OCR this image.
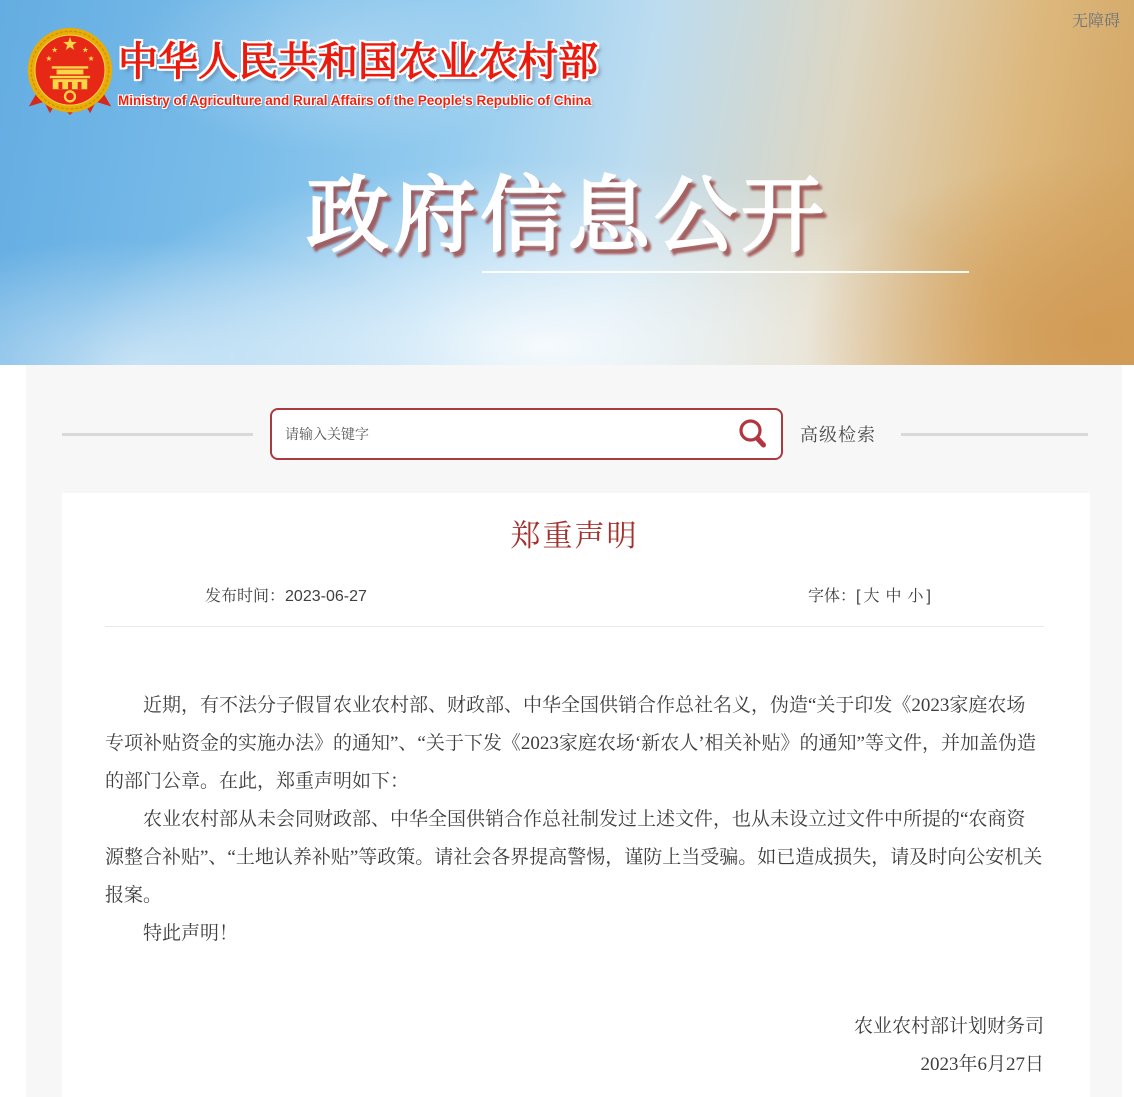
无障碍
中华人民共和国农业农村部
Ministry of Agriculture and Rural Affairs of the People's Republic of China
政府信息公开
请输入关键字
高级检索
郑重声明
发布时间：2023-06-27	字体：[ 大 中 小 ]

近期，有不法分子假冒农业农村部、财政部、中华全国供销合作总社名义，伪造“关于印发《2023家庭农场专项补贴资金的实施办法》的通知”、“关于下发《2023家庭农场‘新农人’相关补贴》的通知”等文件，并加盖伪造的部门公章。在此，郑重声明如下：

农业农村部从未会同财政部、中华全国供销合作总社制发过上述文件，也从未设立过文件中所提的“农商资源整合补贴”、“土地认养补贴”等政策。请社会各界提高警惕，谨防上当受骗。如已造成损失，请及时向公安机关报案。

特此声明！

农业农村部计划财务司
2023年6月27日
